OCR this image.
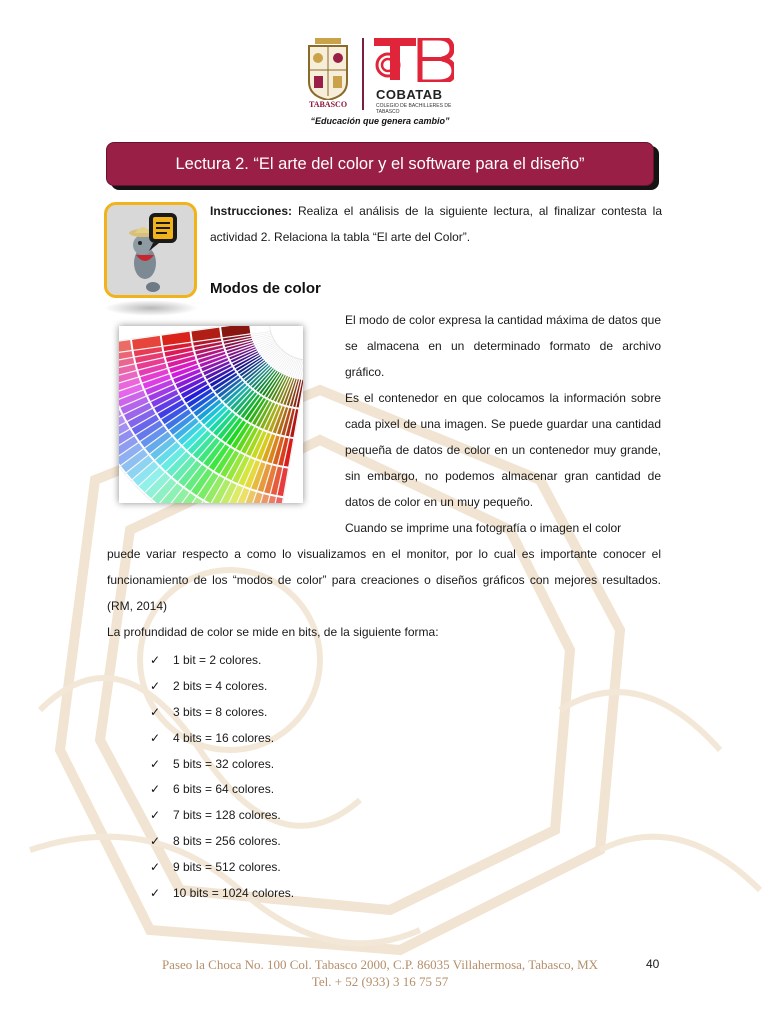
TABASCO
COBATAB
COLEGIO DE BACHILLERES DE TABASCO
“Educación que genera cambio”
Lectura 2. “El arte del color y el software para el diseño”
Instrucciones: Realiza el análisis de la siguiente lectura, al finalizar contesta la actividad 2. Relaciona la tabla “El arte del Color”.
Modos de color

El modo de color expresa la cantidad máxima de datos que se almacena en un determinado formato de archivo gráfico.

Es el contenedor en que colocamos la información sobre cada pixel de una imagen. Se puede guardar una cantidad pequeña de datos de color en un contenedor muy grande, sin embargo, no podemos almacenar gran cantidad de datos de color en un muy pequeño.

Cuando se imprime una fotografía o imagen el color

puede variar respecto a como lo visualizamos en el monitor, por lo cual es importante conocer el funcionamiento de los “modos de color” para creaciones o diseños gráficos con mejores resultados. (RM, 2014)

La profundidad de color se mide en bits, de la siguiente forma:

✓	1 bit = 2 colores.
✓	2 bits = 4 colores.
✓	3 bits = 8 colores.
✓	4 bits = 16 colores.
✓	5 bits = 32 colores.
✓	6 bits = 64 colores.
✓	7 bits = 128 colores.
✓	8 bits = 256 colores.
✓	9 bits = 512 colores.
✓	10 bits = 1024 colores.
Paseo la Choca No. 100 Col. Tabasco 2000, C.P. 86035 Villahermosa, Tabasco, MX
Tel. + 52 (933) 3 16 75 57
40
